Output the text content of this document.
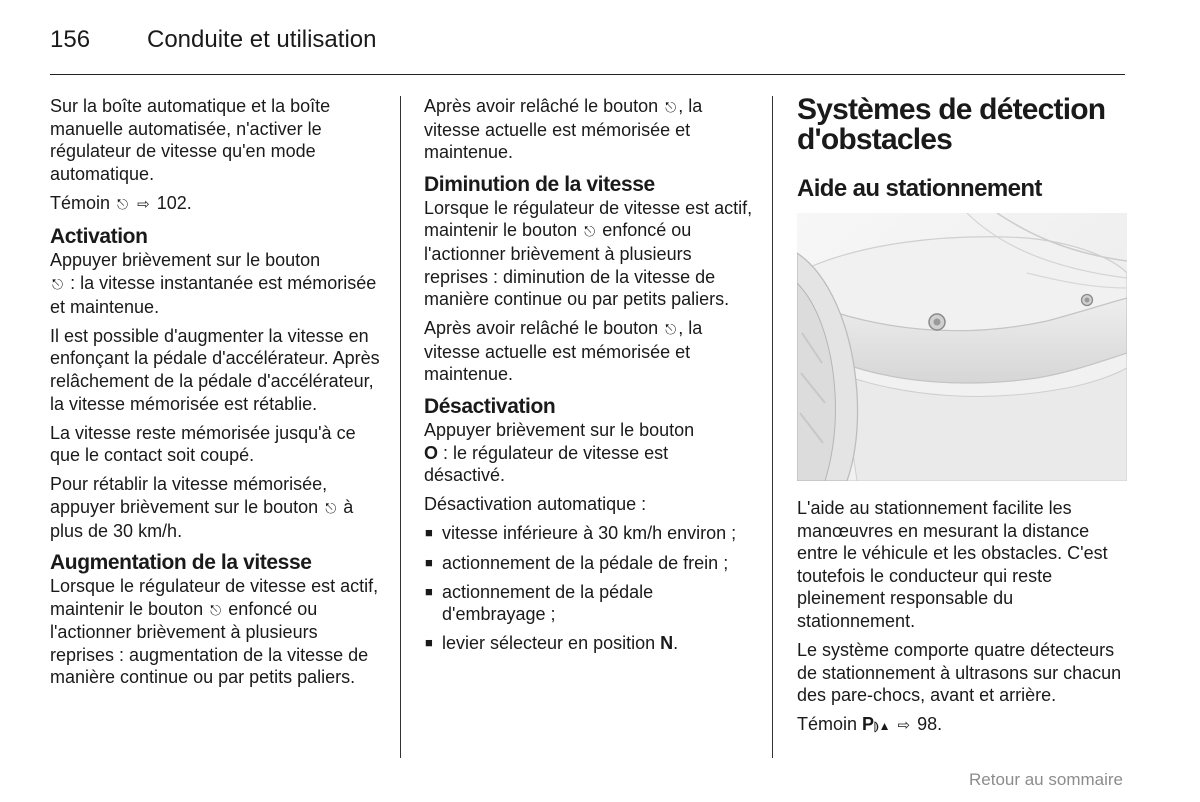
156 Conduite et utilisation

Sur la boîte automatique et la boîte manuelle automatisée, n'activer le régulateur de vitesse qu'en mode automatique.

Témoin ⎋ ⇨ 102.

Activation

Appuyer brièvement sur le bouton
⎋ : la vitesse instantanée est mémorisée et maintenue.

Il est possible d'augmenter la vitesse en enfonçant la pédale d'accélérateur. Après relâchement de la pédale d'accélérateur, la vitesse mémorisée est rétablie.

La vitesse reste mémorisée jusqu'à ce que le contact soit coupé.

Pour rétablir la vitesse mémorisée, appuyer brièvement sur le bouton ⎋ à plus de 30 km/h.

Augmentation de la vitesse

Lorsque le régulateur de vitesse est actif, maintenir le bouton ⎋ enfoncé ou l'actionner brièvement à plusieurs reprises : augmentation de la vitesse de manière continue ou par petits paliers.

Après avoir relâché le bouton ⎋ , la vitesse actuelle est mémorisée et maintenue.

Diminution de la vitesse

Lorsque le régulateur de vitesse est actif, maintenir le bouton ⎋ enfoncé ou l'actionner brièvement à plusieurs reprises : diminution de la vitesse de manière continue ou par petits paliers.

Après avoir relâché le bouton ⎋ , la vitesse actuelle est mémorisée et maintenue.

Désactivation

Appuyer brièvement sur le bouton
O : le régulateur de vitesse est désactivé.

Désactivation automatique :

■ vitesse inférieure à 30 km/h environ ;
■ actionnement de la pédale de frein ;
■ actionnement de la pédale d'embrayage ;
■ levier sélecteur en position N.
Systèmes de détection d'obstacles
Aide au stationnement

L'aide au stationnement facilite les manœuvres en mesurant la distance entre le véhicule et les obstacles. C'est toutefois le conducteur qui reste pleinement responsable du stationnement.

Le système comporte quatre détecteurs de stationnement à ultrasons sur chacun des pare-chocs, avant et arrière.

Témoin P⦈▲ ⇨ 98.

Retour au sommaire
